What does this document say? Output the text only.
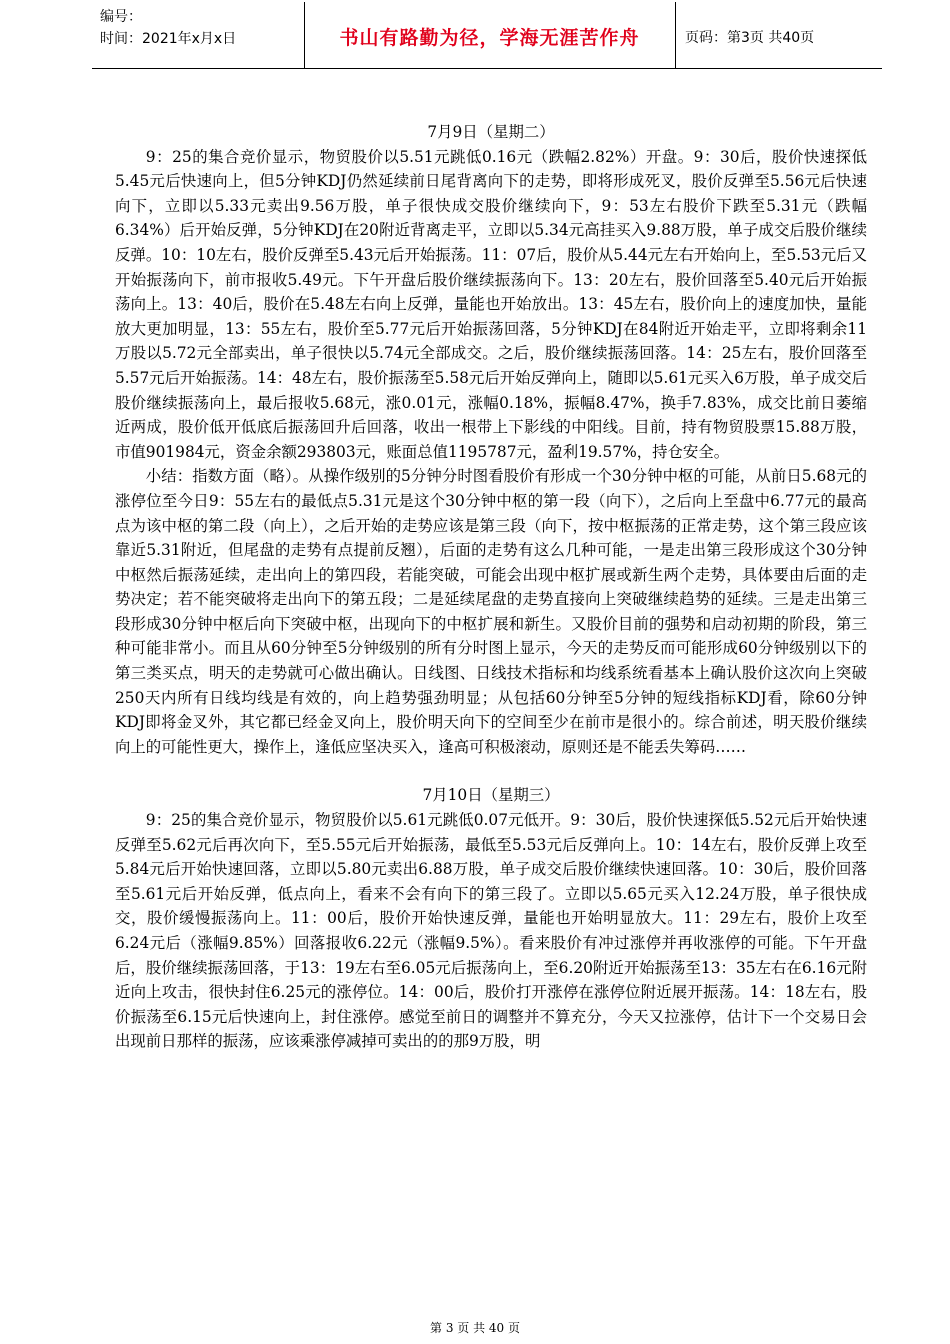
编号：
时间：2021年x月x日	书山有路勤为径，学海无涯苦作舟	页码：第3页 共40页
7月9日（星期二）

9：25的集合竞价显示，物贸股价以5.51元跳低0.16元（跌幅2.82%）开盘。9：30后，股价快速探低5.45元后快速向上，但5分钟KDJ仍然延续前日尾背离向下的走势，即将形成死叉，股价反弹至5.56元后快速向下，立即以5.33元卖出9.56万股，单子很快成交股价继续向下，9：53左右股价下跌至5.31元（跌幅6.34%）后开始反弹，5分钟KDJ在20附近背离走平，立即以5.34元高挂买入9.88万股，单子成交后股价继续反弹。10：10左右，股价反弹至5.43元后开始振荡。11：07后，股价从5.44元左右开始向上，至5.53元后又开始振荡向下，前市报收5.49元。下午开盘后股价继续振荡向下。13：20左右，股价回落至5.40元后开始振荡向上。13：40后，股价在5.48左右向上反弹，量能也开始放出。13：45左右，股价向上的速度加快，量能放大更加明显，13：55左右，股价至5.77元后开始振荡回落，5分钟KDJ在84附近开始走平，立即将剩余11万股以5.72元全部卖出，单子很快以5.74元全部成交。之后，股价继续振荡回落。14：25左右，股价回落至5.57元后开始振荡。14：48左右，股价振荡至5.58元后开始反弹向上，随即以5.61元买入6万股，单子成交后股价继续振荡向上，最后报收5.68元，涨0.01元，涨幅0.18%，振幅8.47%，换手7.83%，成交比前日萎缩近两成，股价低开低底后振荡回升后回落，收出一根带上下影线的中阳线。目前，持有物贸股票15.88万股，市值901984元，资金余额293803元，账面总值1195787元，盈利19.57%，持仓安全。

小结：指数方面（略）。从操作级别的5分钟分时图看股价有形成一个30分钟中枢的可能，从前日5.68元的涨停位至今日9：55左右的最低点5.31元是这个30分钟中枢的第一段（向下），之后向上至盘中6.77元的最高点为该中枢的第二段（向上），之后开始的走势应该是第三段（向下，按中枢振荡的正常走势，这个第三段应该靠近5.31附近，但尾盘的走势有点提前反翘），后面的走势有这么几种可能，一是走出第三段形成这个30分钟中枢然后振荡延续，走出向上的第四段，若能突破，可能会出现中枢扩展或新生两个走势，具体要由后面的走势决定；若不能突破将走出向下的第五段；二是延续尾盘的走势直接向上突破继续趋势的延续。三是走出第三段形成30分钟中枢后向下突破中枢，出现向下的中枢扩展和新生。又股价目前的强势和启动初期的阶段，第三种可能非常小。而且从60分钟至5分钟级别的所有分时图上显示，今天的走势反而可能形成60分钟级别以下的第三类买点，明天的走势就可心做出确认。日线图、日线技术指标和均线系统看基本上确认股价这次向上突破250天内所有日线均线是有效的，向上趋势强劲明显；从包括60分钟至5分钟的短线指标KDJ看，除60分钟KDJ即将金叉外，其它都已经金叉向上，股价明天向下的空间至少在前市是很小的。综合前述，明天股价继续向上的可能性更大，操作上，逢低应坚决买入，逢高可积极滚动，原则还是不能丢失筹码……

7月10日（星期三）

9：25的集合竞价显示，物贸股价以5.61元跳低0.07元低开。9：30后，股价快速探低5.52元后开始快速反弹至5.62元后再次向下，至5.55元后开始振荡，最低至5.53元后反弹向上。10：14左右，股价反弹上攻至5.84元后开始快速回落，立即以5.80元卖出6.88万股，单子成交后股价继续快速回落。10：30后，股价回落至5.61元后开始反弹，低点向上，看来不会有向下的第三段了。立即以5.65元买入12.24万股，单子很快成交，股价缓慢振荡向上。11：00后，股价开始快速反弹，量能也开始明显放大。11：29左右，股价上攻至6.24元后（涨幅9.85%）回落报收6.22元（涨幅9.5%）。看来股价有冲过涨停并再收涨停的可能。下午开盘后，股价继续振荡回落，于13：19左右至6.05元后振荡向上，至6.20附近开始振荡至13：35左右在6.16元附近向上攻击，很快封住6.25元的涨停位。14：00后，股价打开涨停在涨停位附近展开振荡。14：18左右，股价振荡至6.15元后快速向上，封住涨停。感觉至前日的调整并不算充分，今天又拉涨停，估计下一个交易日会出现前日那样的振荡，应该乘涨停减掉可卖出的的那9万股，明

第 3 页 共 40 页
